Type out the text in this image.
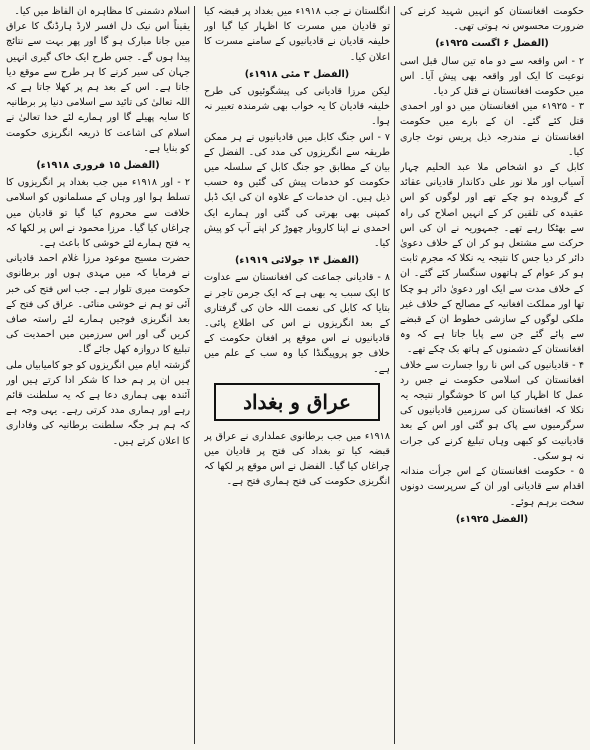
حکومت افغانستان کو انہیں شہید کرنے کی ضرورت محسوس نہ ہوتی تھی۔

(الفضل ۶ اگست ۱۹۲۵ء)

۲ - اس واقعہ سے دو ماہ تین سال قبل اسی نوعیت کا ایک اور واقعہ بھی پیش آیا۔ اس میں حکومت افغانستان نے قتل کر دیا۔

۳ - ۱۹۲۵ء میں افغانستان میں دو اور احمدی قتل کئے گئے۔ ان کے بارے میں حکومت افغانستان نے مندرجہ ذیل پریس نوٹ جاری کیا۔

کابل کے دو اشخاص ملا عبد الحلیم چہار آسیاب اور ملا نور علی دکاندار قادیانی عقائد کے گرویدہ ہو چکے تھے اور لوگوں کو اس عقیدہ کی تلقین کر کے انہیں اصلاح کی راہ سے بھٹکا رہے تھے۔ جمہوریہ نے ان کی اس حرکت سے مشتعل ہو کر ان کے خلاف دعویٰ دائر کر دیا جس کا نتیجہ یہ نکلا کہ مجرم ثابت ہو کر عوام کے ہاتھوں سنگسار کئے گئے۔ ان کے خلاف مدت سے ایک اور دعویٰ دائر ہو چکا تھا اور مملکت افغانیہ کے مصالح کے خلاف غیر ملکی لوگوں کے سازشی خطوط ان کے قبضے سے پائے گئے جن سے پایا جاتا ہے کہ وہ افغانستان کے دشمنوں کے ہاتھ بک چکے تھے۔

۴ - قادیانیوں کی اس نا روا جسارت سے خلاف افغانستان کی اسلامی حکومت نے جس رد عمل کا اظہار کیا اس کا خوشگوار نتیجہ یہ نکلا کہ افغانستان کی سرزمین قادیانیوں کی سرگرمیوں سے پاک ہو گئی اور اس کے بعد قادیانیت کو کبھی وہاں تبلیغ کرنے کی جرات نہ ہو سکی۔

۵ - حکومت افغانستان کے اس جرأت مندانہ اقدام سے قادیانی اور ان کے سرپرست دونوں سخت برہم ہوئے۔

(الفضل ۱۹۲۵ء)

انگلستان نے جب ۱۹۱۸ء میں بغداد پر قبضہ کیا تو قادیان میں مسرت کا اظہار کیا گیا اور خلیفہ قادیان نے قادیانیوں کے سامنے مسرت کا اعلان کیا۔

(الفضل ۳ مئی ۱۹۱۸ء)

لیکن مرزا قادیانی کی پیشگوئیوں کی طرح خلیفہ قادیان کا یہ خواب بھی شرمندہ تعبیر نہ ہوا۔

۷ - اس جنگ کابل میں قادیانیوں نے ہر ممکن طریقہ سے انگریزوں کی مدد کی۔ الفضل کے بیان کے مطابق جو جنگ کابل کے سلسلہ میں حکومت کو خدمات پیش کی گئیں وہ حسب ذیل ہیں۔ ان خدمات کے علاوہ ان کی ایک ڈبل کمپنی بھی بھرتی کی گئی اور ہمارے ایک احمدی نے اپنا کاروبار چھوڑ کر اپنے آپ کو پیش کیا۔

(الفضل ۱۴ جولائی ۱۹۱۹ء)

۸ - قادیانی جماعت کی افغانستان سے عداوت کا ایک سبب یہ بھی ہے کہ ایک جرمن تاجر نے بتایا کہ کابل کی نعمت اللہ خان کی گرفتاری کے بعد انگریزوں نے اس کی اطلاع پائی۔ قادیانیوں نے اس موقع پر افغان حکومت کے خلاف جو پروپیگنڈا کیا وہ سب کے علم میں ہے۔

عراق و بغداد

۱۹۱۸ء میں جب برطانوی عملداری نے عراق پر قبضہ کیا تو بغداد کی فتح پر قادیان میں چراغاں کیا گیا۔ الفضل نے اس موقع پر لکھا کہ انگریزی حکومت کی فتح ہماری فتح ہے۔

اسلام دشمنی کا مظاہرہ ان الفاظ میں کیا۔

یقیناً اس نیک دل افسر لارڈ ہارڈنگ کا عراق میں جانا مبارک ہو گا اور پھر بہت سے نتائج پیدا ہوں گے۔ جس طرح ایک خاک گیری انہیں جہان کی سیر کرنے کا ہر طرح سے موقع دیا جاتا ہے۔ اس کے بعد ہم پر کھلا جاتا ہے کہ اللہ تعالیٰ کی تائید سے اسلامی دنیا پر برطانیہ کا سایہ پھیلے گا اور ہمارے لئے خدا تعالیٰ نے اسلام کی اشاعت کا ذریعہ انگریزی حکومت کو بنایا ہے۔

(الفضل ۱۵ فروری ۱۹۱۸ء)

۲ - اور ۱۹۱۸ء میں جب بغداد پر انگریزوں کا تسلط ہوا اور وہاں کے مسلمانوں کو اسلامی خلافت سے محروم کیا گیا تو قادیان میں چراغاں کیا گیا۔ مرزا محمود نے اس پر لکھا کہ یہ فتح ہمارے لئے خوشی کا باعث ہے۔

حضرت مسیح موعود مرزا غلام احمد قادیانی نے فرمایا کہ میں مہدی ہوں اور برطانوی حکومت میری تلوار ہے۔ جب اس فتح کی خبر آئی تو ہم نے خوشی منائی۔ عراق کی فتح کے بعد انگریزی فوجیں ہمارے لئے راستہ صاف کریں گی اور اس سرزمین میں احمدیت کی تبلیغ کا دروازہ کھل جائے گا۔

گزشتہ ایام میں انگریزوں کو جو کامیابیاں ملی ہیں ان پر ہم خدا کا شکر ادا کرتے ہیں اور آئندہ بھی ہماری دعا ہے کہ یہ سلطنت قائم رہے اور ہماری مدد کرتی رہے۔ یہی وجہ ہے کہ ہم ہر جگہ سلطنت برطانیہ کی وفاداری کا اعلان کرتے ہیں۔
